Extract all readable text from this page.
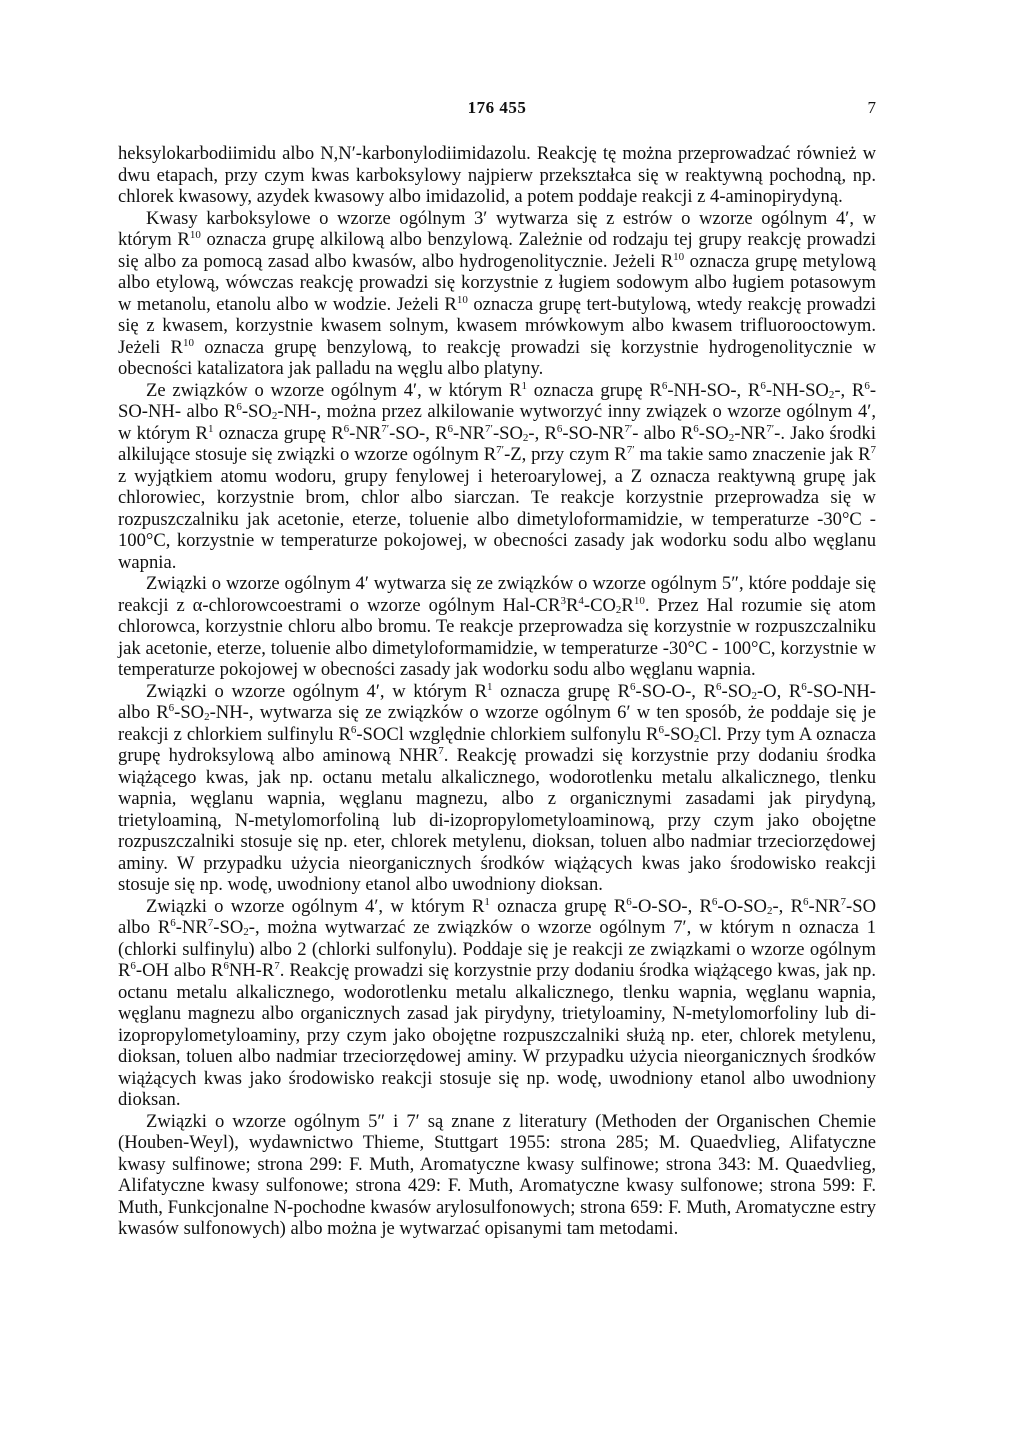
176 455	7

heksylokarbodiimidu albo N,N′-karbonylodiimidazolu. Reakcję tę można przeprowadzać również w dwu etapach, przy czym kwas karboksylowy najpierw przekształca się w reaktywną pochodną, np. chlorek kwasowy, azydek kwasowy albo imidazolid, a potem poddaje reakcji z 4-aminopirydyną.

Kwasy karboksylowe o wzorze ogólnym 3′ wytwarza się z estrów o wzorze ogólnym 4′, w którym $R^{10}$ oznacza grupę alkilową albo benzylową. Zależnie od rodzaju tej grupy reakcję prowadzi się albo za pomocą zasad albo kwasów, albo hydrogenolitycznie. Jeżeli $R^{10}$ oznacza grupę metylową albo etylową, wówczas reakcję prowadzi się korzystnie z ługiem sodowym albo ługiem potasowym w metanolu, etanolu albo w wodzie. Jeżeli $R^{10}$ oznacza grupę tert-butylową, wtedy reakcję prowadzi się z kwasem, korzystnie kwasem solnym, kwasem mrówkowym albo kwasem trifluorooctowym. Jeżeli $R^{10}$ oznacza grupę benzylową, to reakcję prowadzi się korzystnie hydrogenolitycznie w obecności katalizatora jak palladu na węglu albo platyny.

Ze związków o wzorze ogólnym 4′, w którym $R^1$ oznacza grupę $R^6-NH-SO-$, $R^6-NH-SO_2-$, $R^6-SO-NH-$ albo $R^6-SO_2-NH-$, można przez alkilowanie wytworzyć inny związek o wzorze ogólnym 4′, w którym $R^1$ oznacza grupę $R^6-NR^{7'}-SO-$, $R^6-NR^{7'}-SO_2-$, $R^6-SO-NR^{7'}-$ albo $R^6-SO_2-NR^{7'}-$. Jako środki alkilujące stosuje się związki o wzorze ogólnym $R^{7'}-Z$, przy czym $R^{7'}$ ma takie samo znaczenie jak $R^7$ z wyjątkiem atomu wodoru, grupy fenylowej i heteroarylowej, a Z oznacza reaktywną grupę jak chlorowiec, korzystnie brom, chlor albo siarczan. Te reakcje korzystnie przeprowadza się w rozpuszczalniku jak acetonie, eterze, toluenie albo dimetyloformamidzie, w temperaturze -30°C - 100°C, korzystnie w temperaturze pokojowej, w obecności zasady jak wodorku sodu albo węglanu wapnia.

Związki o wzorze ogólnym 4′ wytwarza się ze związków o wzorze ogólnym 5″, które poddaje się reakcji z α-chlorowcoestrami o wzorze ogólnym Hal-$CR^3R^4-CO_2R^{10}$. Przez Hal rozumie się atom chlorowca, korzystnie chloru albo bromu. Te reakcje przeprowadza się korzystnie w rozpuszczalniku jak acetonie, eterze, toluenie albo dimetyloformamidzie, w temperaturze -30°C - 100°C, korzystnie w temperaturze pokojowej w obecności zasady jak wodorku sodu albo węglanu wapnia.

Związki o wzorze ogólnym 4′, w którym $R^1$ oznacza grupę $R^6-SO-O-$, $R^6-SO_2-O$, $R^6-SO-NH-$ albo $R^6-SO_2-NH-$, wytwarza się ze związków o wzorze ogólnym 6′ w ten sposób, że poddaje się je reakcji z chlorkiem sulfinylu $R^6$-SOCl względnie chlorkiem sulfonylu $R^6-SO_2Cl$. Przy tym A oznacza grupę hydroksylową albo aminową NHR$^7$. Reakcję prowadzi się korzystnie przy dodaniu środka wiążącego kwas, jak np. octanu metalu alkalicznego, wodorotlenku metalu alkalicznego, tlenku wapnia, węglanu wapnia, węglanu magnezu, albo z organicznymi zasadami jak pirydyną, trietyloaminą, N-metylomorfoliną lub di-izopropylometyloaminową, przy czym jako obojętne rozpuszczalniki stosuje się np. eter, chlorek metylenu, dioksan, toluen albo nadmiar trzeciorzędowej aminy. W przypadku użycia nieorganicznych środków wiążących kwas jako środowisko reakcji stosuje się np. wodę, uwodniony etanol albo uwodniony dioksan.

Związki o wzorze ogólnym 4′, w którym $R^1$ oznacza grupę $R^6-O-SO-$, $R^6-O-SO_2-$, $R^6-NR^7-SO$ albo $R^6-NR^7-SO_2-$, można wytwarzać ze związków o wzorze ogólnym 7′, w którym n oznacza 1 (chlorki sulfinylu) albo 2 (chlorki sulfonylu). Poddaje się je reakcji ze związkami o wzorze ogólnym $R^6-OH$ albo $R^6NH-R^7$. Reakcję prowadzi się korzystnie przy dodaniu środka wiążącego kwas, jak np. octanu metalu alkalicznego, wodorotlenku metalu alkalicznego, tlenku wapnia, węglanu wapnia, węglanu magnezu albo organicznych zasad jak pirydyny, trietyloaminy, N-metylomorfoliny lub di-izopropylometyloaminy, przy czym jako obojętne rozpuszczalniki służą np. eter, chlorek metylenu, dioksan, toluen albo nadmiar trzeciorzędowej aminy. W przypadku użycia nieorganicznych środków wiążących kwas jako środowisko reakcji stosuje się np. wodę, uwodniony etanol albo uwodniony dioksan.

Związki o wzorze ogólnym 5″ i 7′ są znane z literatury (Methoden der Organischen Chemie (Houben-Weyl), wydawnictwo Thieme, Stuttgart 1955: strona 285; M. Quaedvlieg, Alifatyczne kwasy sulfinowe; strona 299: F. Muth, Aromatyczne kwasy sulfinowe; strona 343: M. Quaedvlieg, Alifatyczne kwasy sulfonowe; strona 429: F. Muth, Aromatyczne kwasy sulfonowe; strona 599: F. Muth, Funkcjonalne N-pochodne kwasów arylosulfonowych; strona 659: F. Muth, Aromatyczne estry kwasów sulfonowych) albo można je wytwarzać opisanymi tam metodami.
